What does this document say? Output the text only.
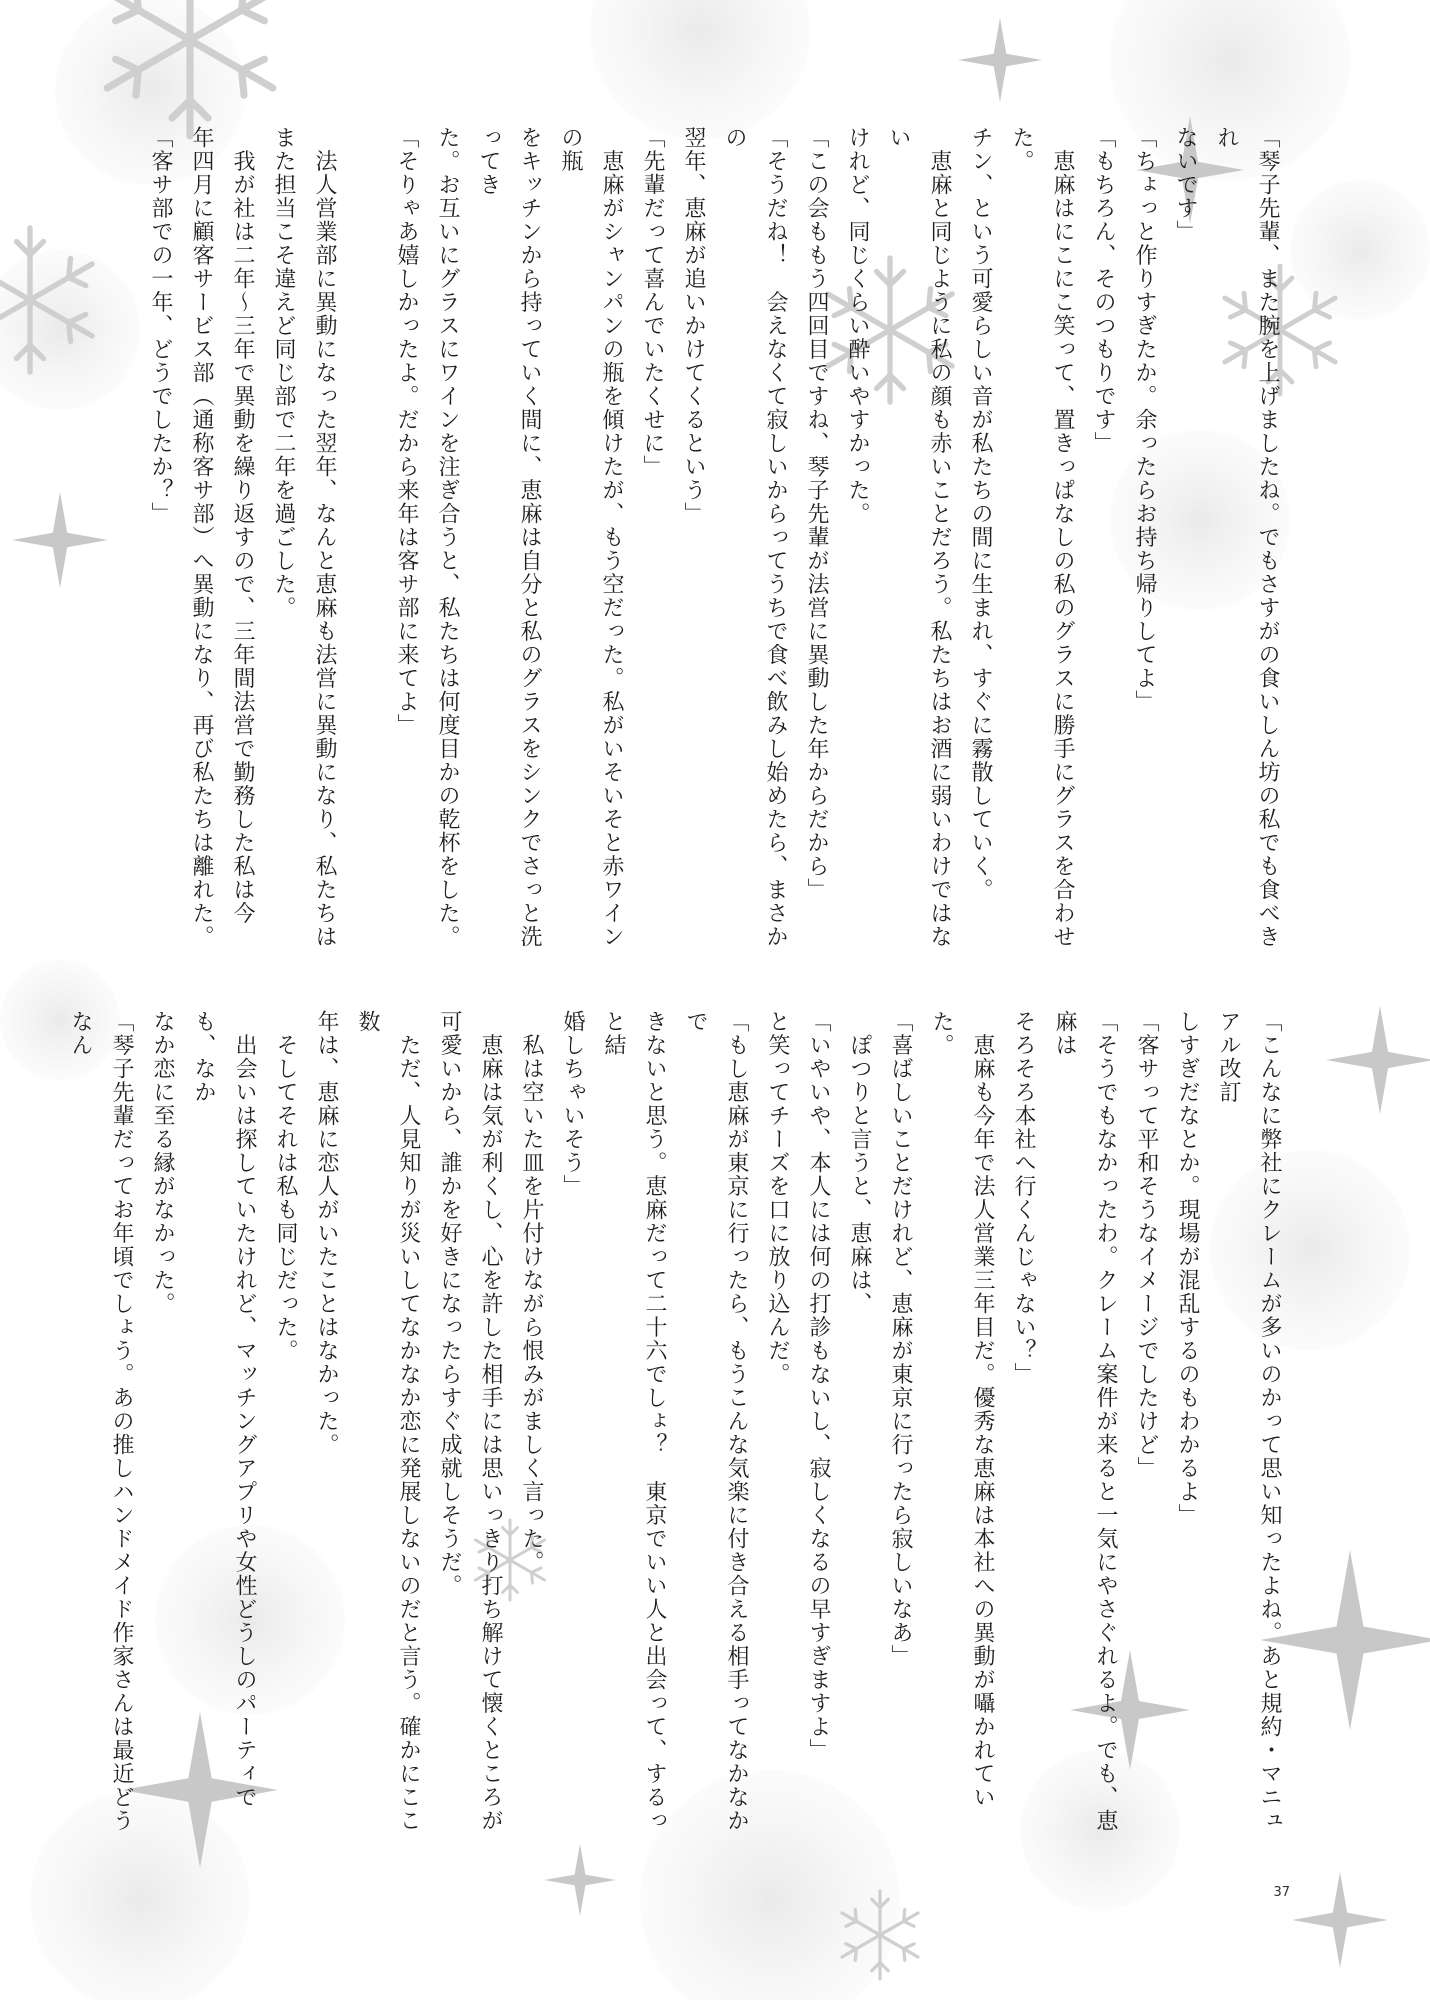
「琴子先輩、また腕を上げましたね。でもさすがの食いしん坊の私でも食べきれ
ないです」
「ちょっと作りすぎたか。余ったらお持ち帰りしてよ」
「もちろん、そのつもりです」
　恵麻はにこにこ笑って、置きっぱなしの私のグラスに勝手にグラスを合わせた。
チン、という可愛らしい音が私たちの間に生まれ、すぐに霧散していく。
　恵麻と同じように私の顔も赤いことだろう。私たちはお酒に弱いわけではない
けれど、同じくらい酔いやすかった。
「この会ももう四回目ですね、琴子先輩が法営に異動した年からだから」
「そうだね！　会えなくて寂しいからってうちで食べ飲みし始めたら、まさかの
翌年、恵麻が追いかけてくるという」
「先輩だって喜んでいたくせに」
　恵麻がシャンパンの瓶を傾けたが、もう空だった。私がいそいそと赤ワインの瓶
をキッチンから持っていく間に、恵麻は自分と私のグラスをシンクでさっと洗ってき
た。お互いにグラスにワインを注ぎ合うと、私たちは何度目かの乾杯をした。
「そりゃあ嬉しかったよ。だから来年は客サ部に来てよ」

　法人営業部に異動になった翌年、なんと恵麻も法営に異動になり、私たちは
また担当こそ違えど同じ部で二年を過ごした。
　我が社は二年～三年で異動を繰り返すので、三年間法営で勤務した私は今
年四月に顧客サービス部（通称客サ部）へ異動になり、再び私たちは離れた。
「客サ部での一年、どうでしたか？」
「こんなに弊社にクレームが多いのかって思い知ったよね。あと規約・マニュアル改訂
しすぎだなとか。現場が混乱するのもわかるよ」
「客サって平和そうなイメージでしたけど」
「そうでもなかったわ。クレーム案件が来ると一気にやさぐれるよ。でも、恵麻は
そろそろ本社へ行くんじゃない？」
　恵麻も今年で法人営業三年目だ。優秀な恵麻は本社への異動が囁かれていた。
「喜ばしいことだけれど、恵麻が東京に行ったら寂しいなあ」
　ぽつりと言うと、恵麻は、
「いやいや、本人には何の打診もないし、寂しくなるの早すぎますよ」
と笑ってチーズを口に放り込んだ。
「もし恵麻が東京に行ったら、もうこんな気楽に付き合える相手ってなかなかで
きないと思う。恵麻だって二十六でしょ？　東京でいい人と出会って、するっと結
婚しちゃいそう」
　私は空いた皿を片付けながら恨みがましく言った。
　恵麻は気が利くし、心を許した相手には思いっきり打ち解けて懐くところが
可愛いから、誰かを好きになったらすぐ成就しそうだ。
　ただ、人見知りが災いしてなかなか恋に発展しないのだと言う。確かにここ数
年は、恵麻に恋人がいたことはなかった。
　そしてそれは私も同じだった。
　出会いは探していたけれど、マッチングアプリや女性どうしのパーティでも、なか
なか恋に至る縁がなかった。
「琴子先輩だってお年頃でしょう。あの推しハンドメイド作家さんは最近どうなん
37
